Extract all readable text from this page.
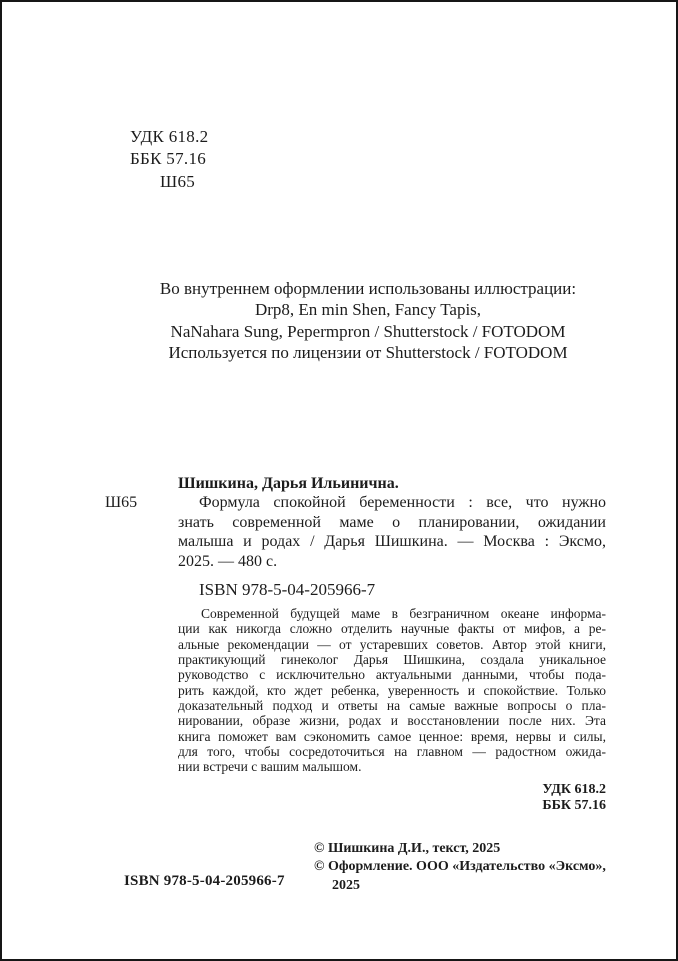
УДК 618.2
ББК 57.16
Ш65
Во внутреннем оформлении использованы иллюстрации:
Drp8, En min Shen, Fancy Tapis,
NaNahara Sung, Pepermpron / Shutterstock / FOTODOM
Используется по лицензии от Shutterstock / FOTODOM
Шишкина, Дарья Ильинична.
Ш65	Формула спокойной беременности : все, что нужно
знать современной маме о планировании, ожидании
малыша и родах / Дарья Шишкина. — Москва : Эксмо,
2025. — 480 с.
ISBN 978-5-04-205966-7
Современной будущей маме в безграничном океане информа-
ции как никогда сложно отделить научные факты от мифов, а ре-
альные рекомендации — от устаревших советов. Автор этой книги,
практикующий гинеколог Дарья Шишкина, создала уникальное
руководство с исключительно актуальными данными, чтобы пода-
рить каждой, кто ждет ребенка, уверенность и спокойствие. Только
доказательный подход и ответы на самые важные вопросы о пла-
нировании, образе жизни, родах и восстановлении после них. Эта
книга поможет вам сэкономить самое ценное: время, нервы и силы,
для того, чтобы сосредоточиться на главном — радостном ожида-
нии встречи с вашим малышом.
УДК 618.2
ББК 57.16
ISBN 978-5-04-205966-7
© Шишкина Д.И., текст, 2025
© Оформление. ООО «Издательство «Эксмо»,
2025
